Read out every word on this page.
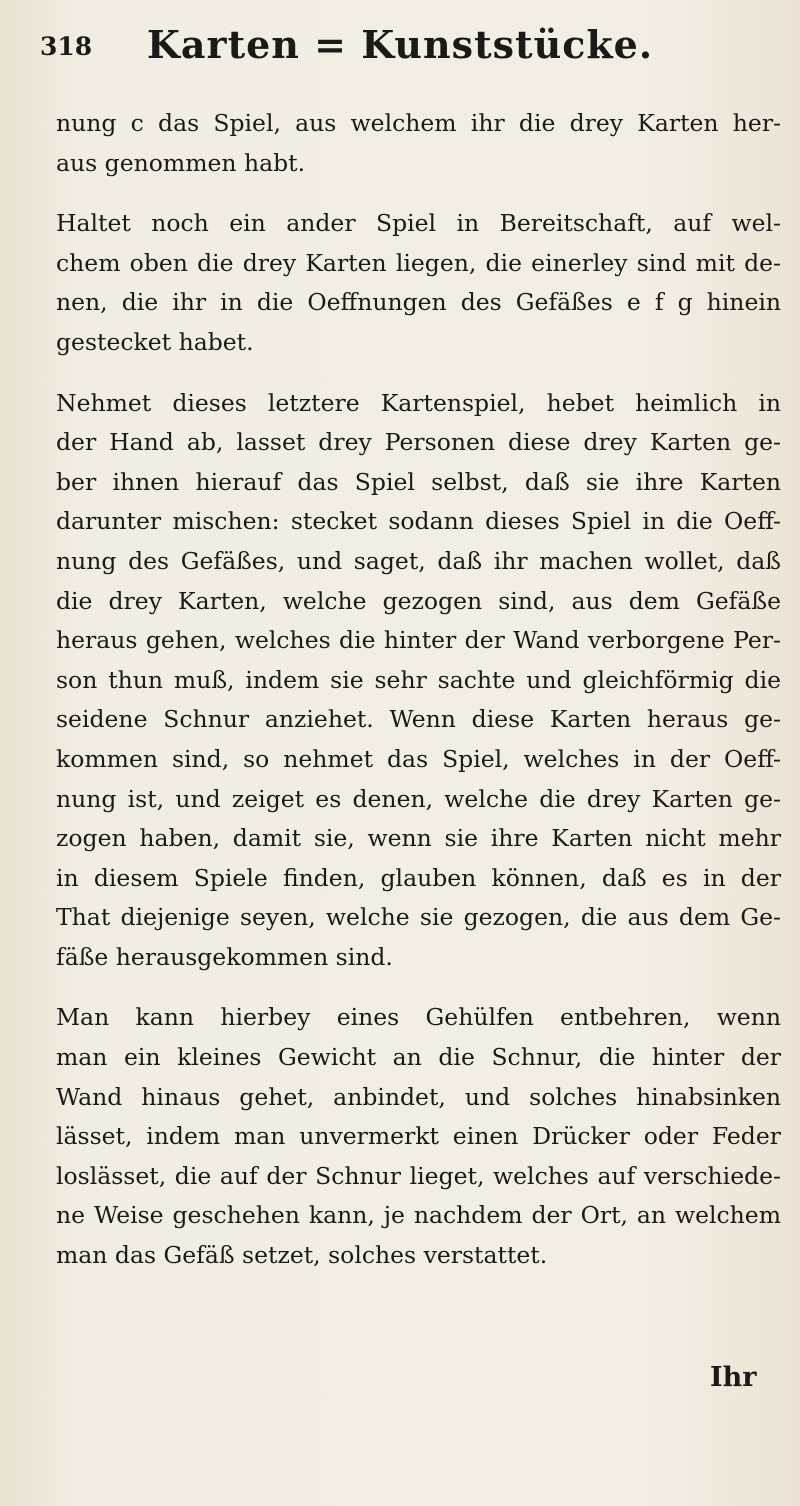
318	Karten = Kunststücke.

nung c das Spiel, aus welchem ihr die drey Karten her-
aus genommen habt.

Haltet noch ein ander Spiel in Bereitschaft, auf wel-
chem oben die drey Karten liegen, die einerley sind mit de-
nen, die ihr in die Oeffnungen des Gefäßes e f g hinein
gestecket habet.

Nehmet dieses letztere Kartenspiel, hebet heimlich in
der Hand ab, lasset drey Personen diese drey Karten ge-
ber ihnen hierauf das Spiel selbst, daß sie ihre Karten
darunter mischen: stecket sodann dieses Spiel in die Oeff-
nung des Gefäßes, und saget, daß ihr machen wollet, daß
die drey Karten, welche gezogen sind, aus dem Gefäße
heraus gehen, welches die hinter der Wand verborgene Per-
son thun muß, indem sie sehr sachte und gleichförmig die
seidene Schnur anziehet. Wenn diese Karten heraus ge-
kommen sind, so nehmet das Spiel, welches in der Oeff-
nung ist, und zeiget es denen, welche die drey Karten ge-
zogen haben, damit sie, wenn sie ihre Karten nicht mehr
in diesem Spiele finden, glauben können, daß es in der
That diejenige seyen, welche sie gezogen, die aus dem Ge-
fäße herausgekommen sind.

Man kann hierbey eines Gehülfen entbehren, wenn
man ein kleines Gewicht an die Schnur, die hinter der
Wand hinaus gehet, anbindet, und solches hinabsinken
lässet, indem man unvermerkt einen Drücker oder Feder
loslässet, die auf der Schnur lieget, welches auf verschiede-
ne Weise geschehen kann, je nachdem der Ort, an welchem
man das Gefäß setzet, solches verstattet.

Ihr
